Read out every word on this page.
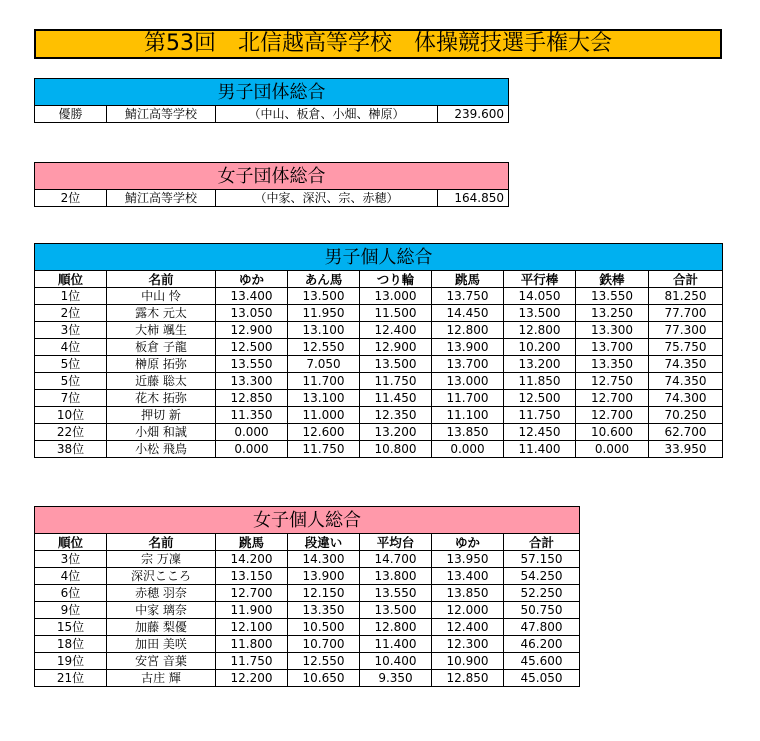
第53回　北信越高等学校　体操競技選手権大会
男子団体総合
優勝	鯖江高等学校	（中山、板倉、小畑、榊原）	239.600
女子団体総合
2位	鯖江高等学校	（中家、深沢、宗、赤穂）	164.850
男子個人総合								
順位	名前	ゆか	あん馬	つり輪	跳馬	平行棒	鉄棒	合計
1位	中山 怜	13.400	13.500	13.000	13.750	14.050	13.550	81.250
2位	露木 元太	13.050	11.950	11.500	14.450	13.500	13.250	77.700
3位	大柿 颯生	12.900	13.100	12.400	12.800	12.800	13.300	77.300
4位	板倉 子龍	12.500	12.550	12.900	13.900	10.200	13.700	75.750
5位	榊原 拓弥	13.550	7.050	13.500	13.700	13.200	13.350	74.350
5位	近藤 聡太	13.300	11.700	11.750	13.000	11.850	12.750	74.350
7位	花木 拓弥	12.850	13.100	11.450	11.700	12.500	12.700	74.300
10位	押切 新	11.350	11.000	12.350	11.100	11.750	12.700	70.250
22位	小畑 和誠	0.000	12.600	13.200	13.850	12.450	10.600	62.700
38位	小松 飛鳥	0.000	11.750	10.800	0.000	11.400	0.000	33.950
女子個人総合						
順位	名前	跳馬	段違い	平均台	ゆか	合計
3位	宗 万凜	14.200	14.300	14.700	13.950	57.150
4位	深沢こころ	13.150	13.900	13.800	13.400	54.250
6位	赤穂 羽奈	12.700	12.150	13.550	13.850	52.250
9位	中家 璃奈	11.900	13.350	13.500	12.000	50.750
15位	加藤 梨優	12.100	10.500	12.800	12.400	47.800
18位	加田 美咲	11.800	10.700	11.400	12.300	46.200
19位	安宮 音葉	11.750	12.550	10.400	10.900	45.600
21位	古庄 輝	12.200	10.650	9.350	12.850	45.050
